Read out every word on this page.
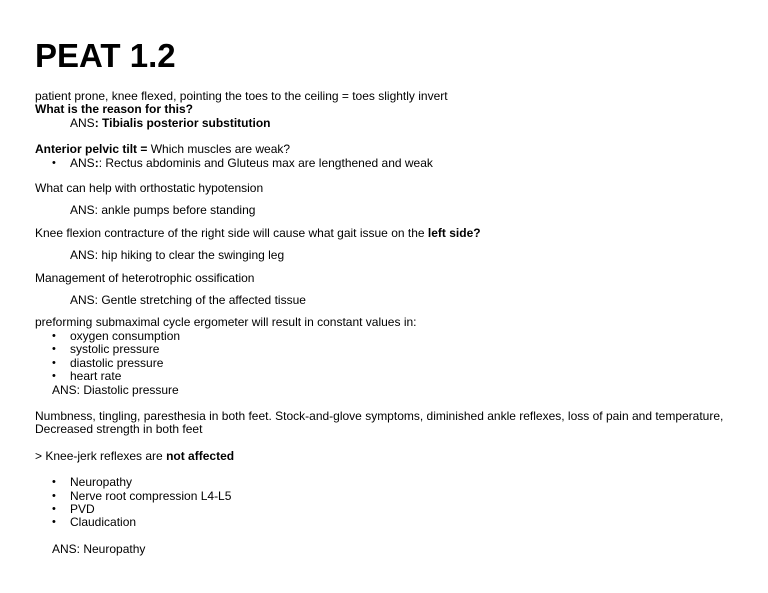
PEAT 1.2
patient prone, knee flexed, pointing the toes to the ceiling = toes slightly invert
What is the reason for this?
ANS: Tibialis posterior substitution
Anterior pelvic tilt = Which muscles are weak?
• ANS:: Rectus abdominis and Gluteus max are lengthened and weak
What can help with orthostatic hypotension
ANS: ankle pumps before standing
Knee flexion contracture of the right side will cause what gait issue on the left side?
ANS: hip hiking to clear the swinging leg
Management of heterotrophic ossification
ANS: Gentle stretching of the affected tissue
preforming submaximal cycle ergometer will result in constant values in:
• oxygen consumption
• systolic pressure
• diastolic pressure
• heart rate
ANS: Diastolic pressure
Numbness, tingling, paresthesia in both feet. Stock-and-glove symptoms, diminished ankle reflexes, loss of pain and temperature, Decreased strength in both feet
> Knee-jerk reflexes are not affected
• Neuropathy
• Nerve root compression L4-L5
• PVD
• Claudication
ANS: Neuropathy
